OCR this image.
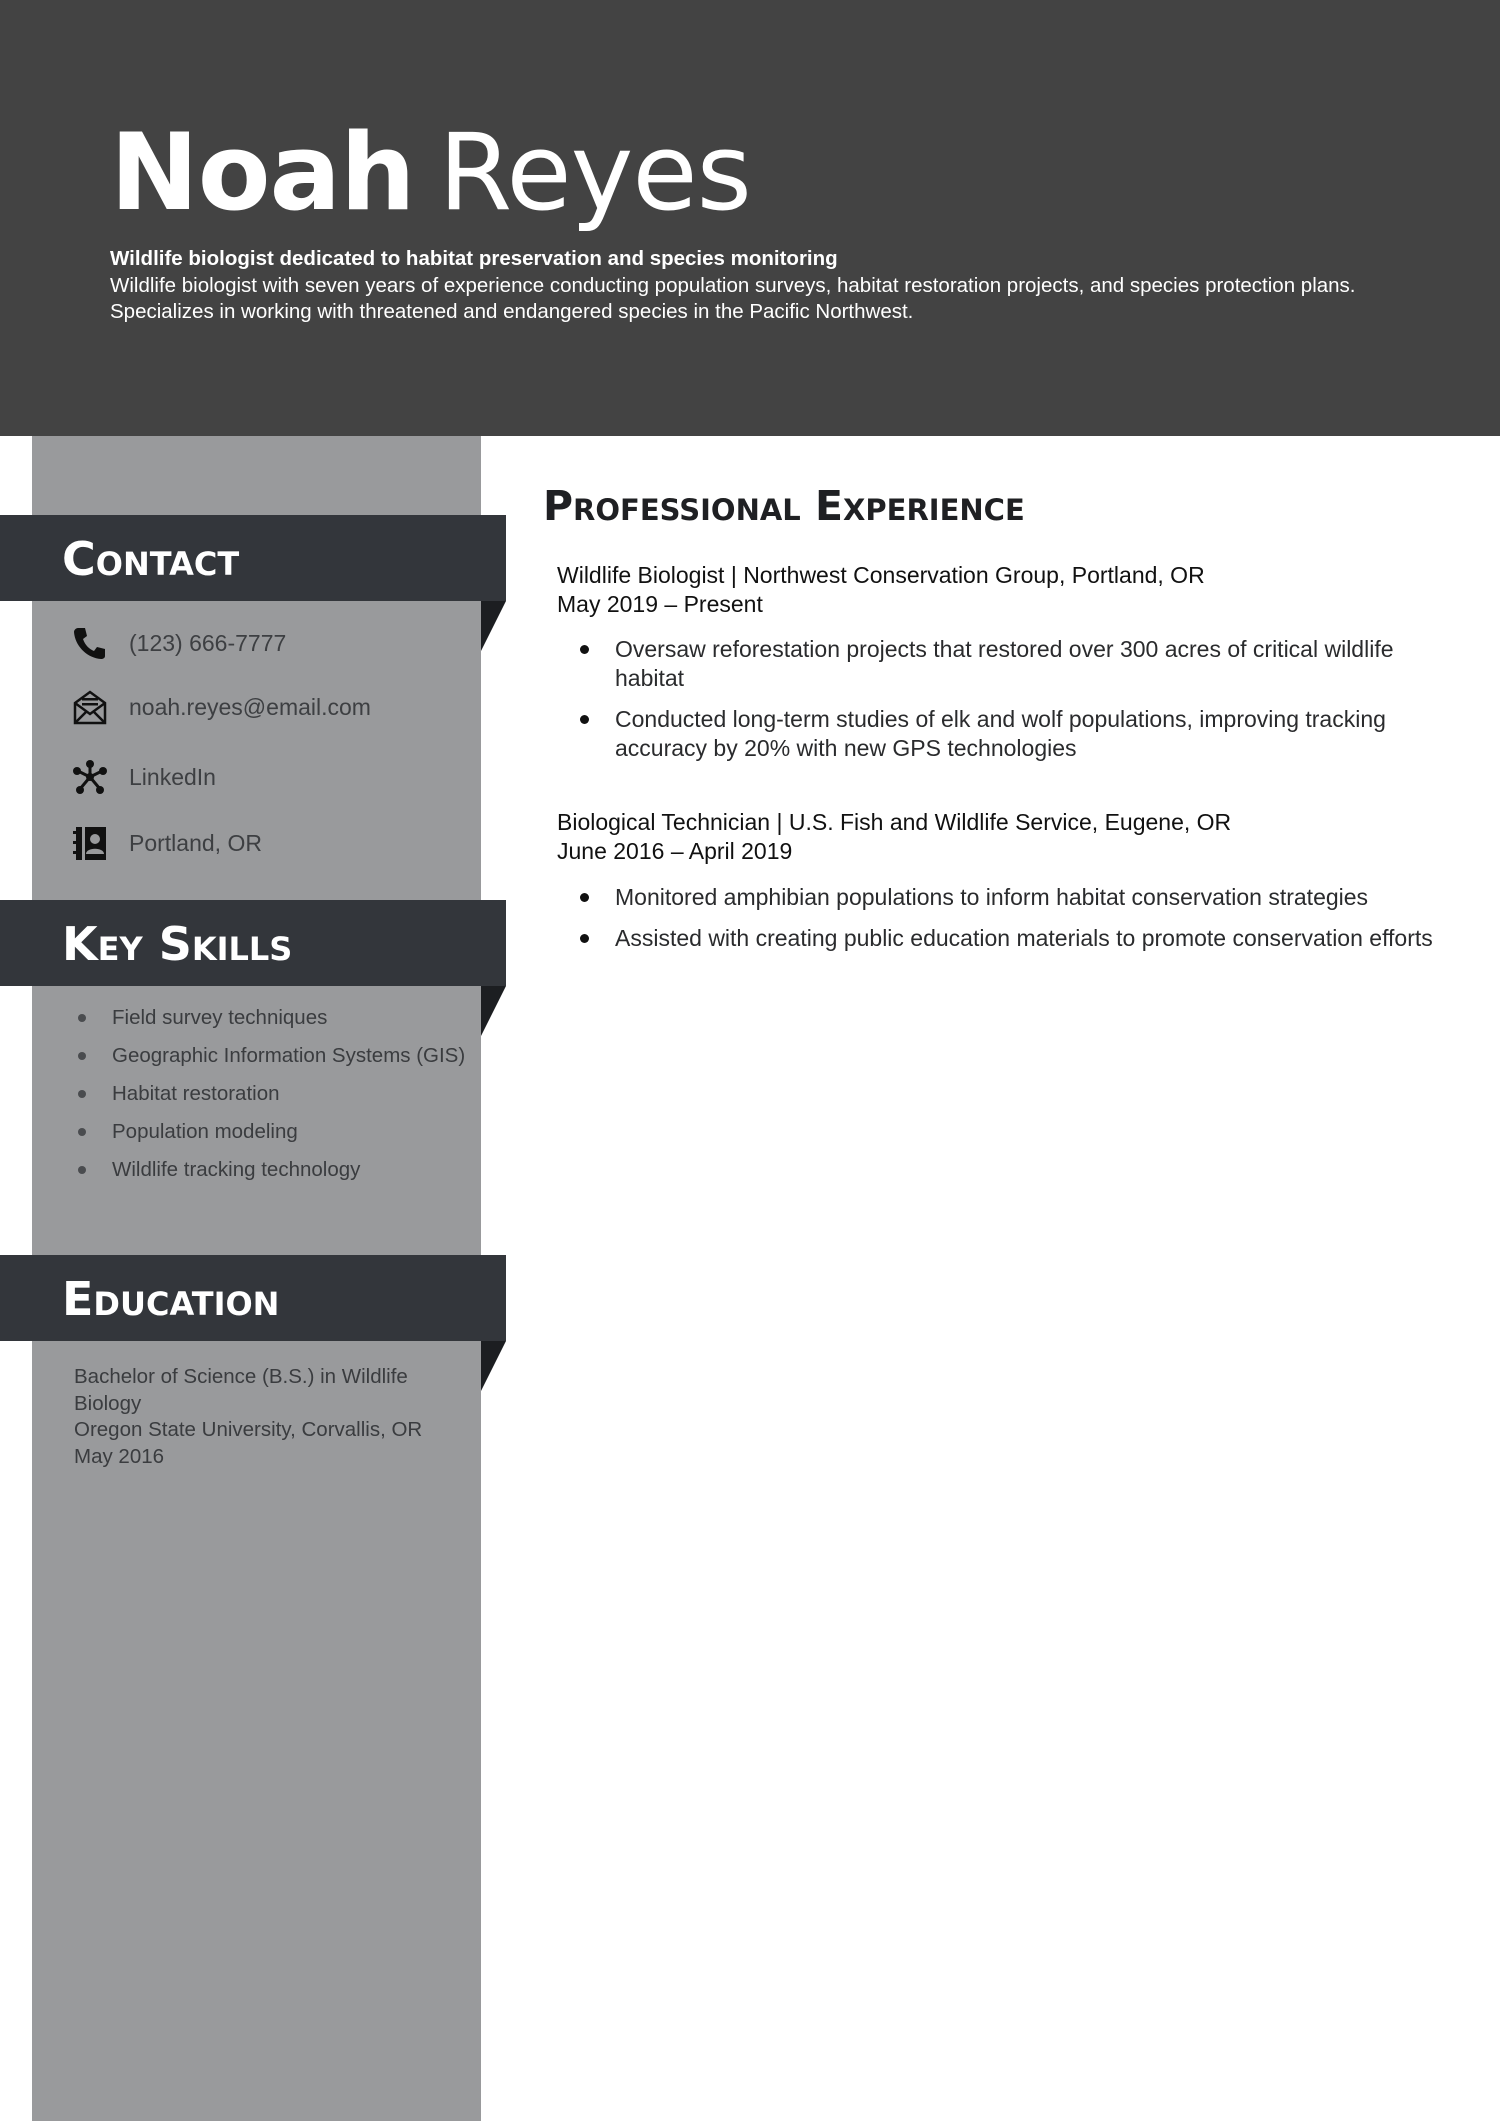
Noah Reyes
Wildlife biologist dedicated to habitat preservation and species monitoring
Wildlife biologist with seven years of experience conducting population surveys, habitat restoration projects, and species protection plans. Specializes in working with threatened and endangered species in the Pacific Northwest.
Contact
(123) 666-7777
noah.reyes@email.com
LinkedIn
Portland, OR
Key Skills
Field survey techniques
Geographic Information Systems (GIS)
Habitat restoration
Population modeling
Wildlife tracking technology
Education
Bachelor of Science (B.S.) in Wildlife Biology
Oregon State University, Corvallis, OR
May 2016
Professional Experience
Wildlife Biologist | Northwest Conservation Group, Portland, OR
May 2019 – Present
Oversaw reforestation projects that restored over 300 acres of critical wildlife habitat
Conducted long-term studies of elk and wolf populations, improving tracking accuracy by 20% with new GPS technologies
Biological Technician | U.S. Fish and Wildlife Service, Eugene, OR
June 2016 – April 2019
Monitored amphibian populations to inform habitat conservation strategies
Assisted with creating public education materials to promote conservation efforts
